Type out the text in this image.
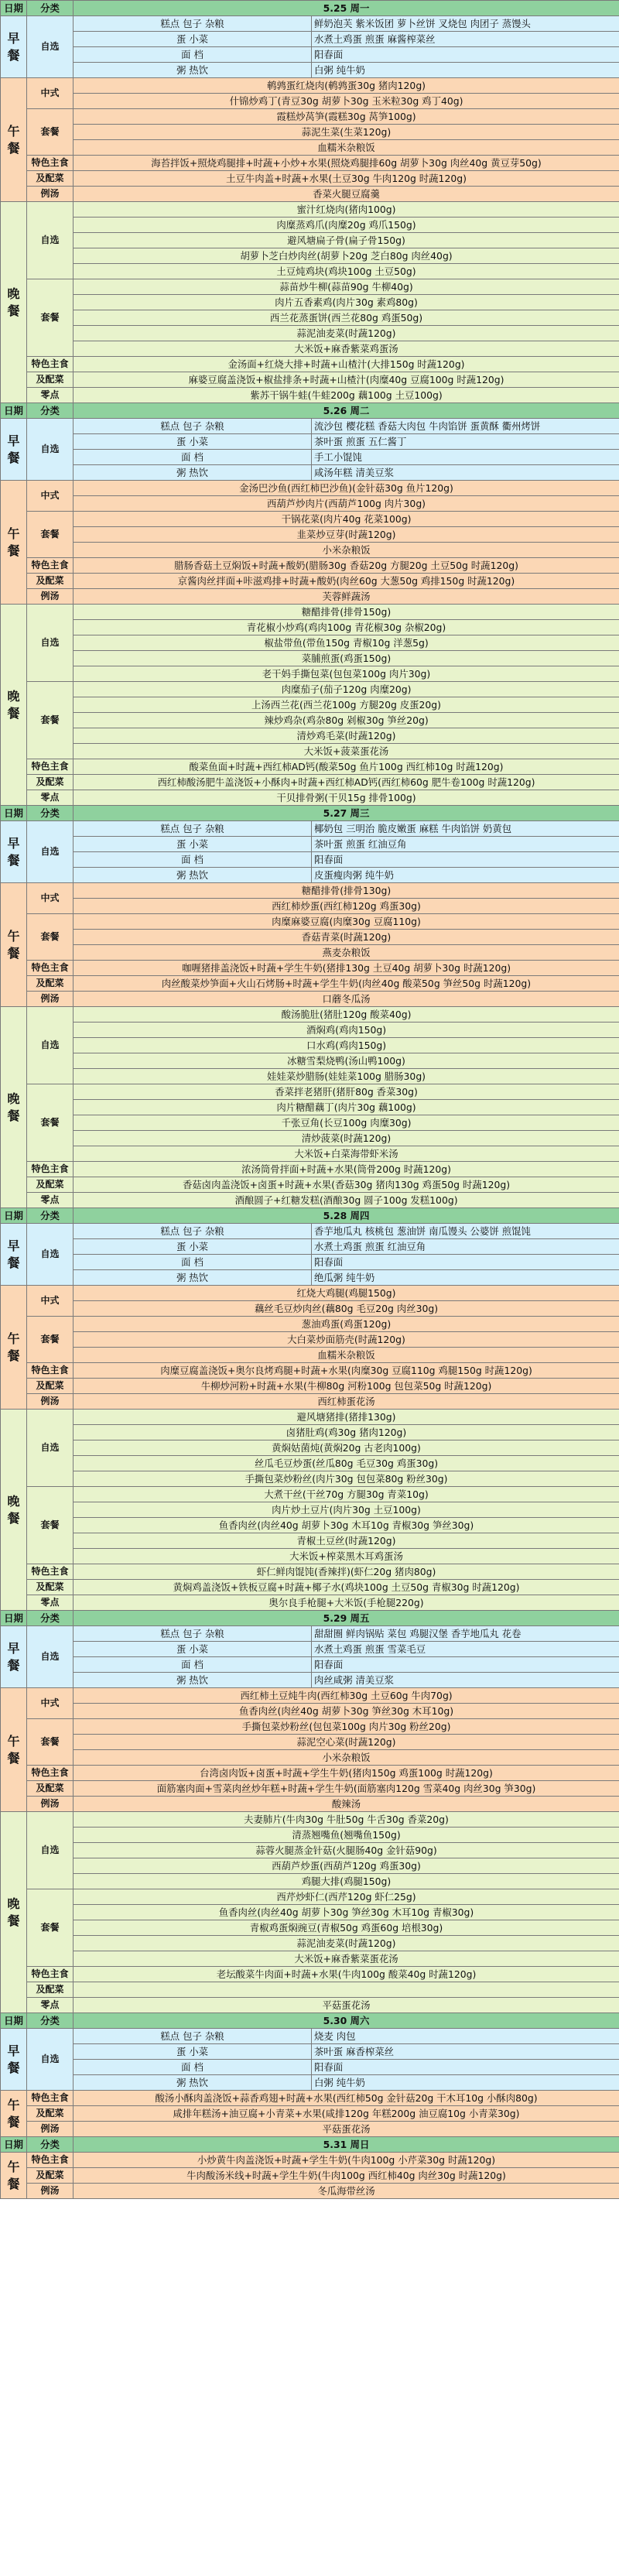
日期	分类	5.25 周一	
早餐	自选	糕点 包子 杂粮	鲜奶泡芙 紫米饭团 萝卜丝饼 叉烧包 肉团子 蒸馒头
		蛋 小菜	水煮土鸡蛋 煎蛋 麻酱榨菜丝
		面 档	阳春面
		粥 热饮	白粥 纯牛奶
午餐	中式	鹌鹑蛋红烧肉(鹌鹑蛋30g 猪肉120g)	
		什锦炒鸡丁(青豆30g 胡萝卜30g 玉米粒30g 鸡丁40g)	
	套餐	霞糕炒莴笋(霞糕30g 莴笋100g)	
		蒜泥生菜(生菜120g)	
		血糯米杂粮饭	
	特色主食	海苔拌饭+照烧鸡腿排+时蔬+小炒+水果(照烧鸡腿排60g 胡萝卜30g 肉丝40g 黄豆芽50g)	
	及配菜	土豆牛肉盖+时蔬+水果(土豆30g 牛肉120g 时蔬120g)	
	例汤	香菜火腿豆腐羹	
晚餐	自选	蜜汁红烧肉(猪肉100g)	
		肉糜蒸鸡爪(肉糜20g 鸡爪150g)	
		避风塘扁子骨(扁子骨150g)	
		胡萝卜芝白炒肉丝(胡萝卜20g 芝白80g 肉丝40g)	
		土豆炖鸡块(鸡块100g 土豆50g)	
	套餐	蒜苗炒牛柳(蒜苗90g 牛柳40g)	
		肉片五香素鸡(肉片30g 素鸡80g)	
		西兰花蒸蛋饼(西兰花80g 鸡蛋50g)	
		蒜泥油麦菜(时蔬120g)	
		大米饭+麻香紫菜鸡蛋汤	
	特色主食	金汤面+红烧大排+时蔬+山楂汁(大排150g 时蔬120g)	
	及配菜	麻婆豆腐盖浇饭+椒盐排条+时蔬+山楂汁(肉糜40g 豆腐100g 时蔬120g)	
	零点	紫苏干锅牛蛙(牛蛙200g 藕100g 土豆100g)	
日期	分类	5.26 周二	
早餐	自选	糕点 包子 杂粮	流沙包 樱花糕 香菇大肉包 牛肉馅饼 蛋黄酥 衢州烤饼
		蛋 小菜	茶叶蛋 煎蛋 五仁酱丁
		面 档	手工小馄饨
		粥 热饮	咸汤年糕 清美豆浆
午餐	中式	金汤巴沙鱼(西红柿巴沙鱼)(金针菇30g 鱼片120g)	
		西葫芦炒肉片(西葫芦100g 肉片30g)	
	套餐	干锅花菜(肉片40g 花菜100g)	
		韭菜炒豆芽(时蔬120g)	
		小米杂粮饭	
	特色主食	腊肠香菇土豆焖饭+时蔬+酸奶(腊肠30g 香菇20g 方腿20g 土豆50g 时蔬120g)	
	及配菜	京酱肉丝拌面+咔滋鸡排+时蔬+酸奶(肉丝60g 大葱50g 鸡排150g 时蔬120g)	
	例汤	芙蓉鲜蔬汤	
晚餐	自选	糖醋排骨(排骨150g)	
		青花椒小炒鸡(鸡肉100g 青花椒30g 杂椒20g)	
		椒盐带鱼(带鱼150g 青椒10g 洋葱5g)	
		菜脯煎蛋(鸡蛋150g)	
		老干妈手撕包菜(包包菜100g 肉片30g)	
	套餐	肉糜茄子(茄子120g 肉糜20g)	
		上汤西兰花(西兰花100g 方腿20g 皮蛋20g)	
		辣炒鸡杂(鸡杂80g 剁椒30g 笋丝20g)	
		清炒鸡毛菜(时蔬120g)	
		大米饭+菠菜蛋花汤	
	特色主食	酸菜鱼面+时蔬+西红柿AD钙(酸菜50g 鱼片100g 西红柿10g 时蔬120g)	
	及配菜	西红柿酸汤肥牛盖浇饭+小酥肉+时蔬+西红柿AD钙(西红柿60g 肥牛卷100g 时蔬120g)	
	零点	干贝排骨粥(干贝15g 排骨100g)	
日期	分类	5.27 周三	
早餐	自选	糕点 包子 杂粮	椰奶包 三明治 脆皮嫩蛋 麻糕 牛肉馅饼 奶黄包
		蛋 小菜	茶叶蛋 煎蛋 红油豆角
		面 档	阳春面
		粥 热饮	皮蛋瘦肉粥 纯牛奶
午餐	中式	糖醋排骨(排骨130g)	
		西红柿炒蛋(西红柿120g 鸡蛋30g)	
	套餐	肉糜麻婆豆腐(肉糜30g 豆腐110g)	
		香菇青菜(时蔬120g)	
		燕麦杂粮饭	
	特色主食	咖喱猪排盖浇饭+时蔬+学生牛奶(猪排130g 土豆40g 胡萝卜30g 时蔬120g)	
	及配菜	肉丝酸菜炒笋面+火山石烤肠+时蔬+学生牛奶(肉丝40g 酸菜50g 笋丝50g 时蔬120g)	
	例汤	口蘑冬瓜汤	
晚餐	自选	酸汤脆肚(猪肚120g 酸菜40g)	
		酒焖鸡(鸡肉150g)	
		口水鸡(鸡肉150g)	
		冰糖雪梨烧鸭(汤山鸭100g)	
		娃娃菜炒腊肠(娃娃菜100g 腊肠30g)	
	套餐	香菜拌老猪肝(猪肝80g 香菜30g)	
		肉片糖醋藕丁(肉片30g 藕100g)	
		千张豆角(长豆100g 肉糜30g)	
		清炒菠菜(时蔬120g)	
		大米饭+白菜海带虾米汤	
	特色主食	浓汤筒骨拌面+时蔬+水果(筒骨200g 时蔬120g)	
	及配菜	香菇卤肉盖浇饭+卤蛋+时蔬+水果(香菇30g 猪肉130g 鸡蛋50g 时蔬120g)	
	零点	酒酿圆子+红糖发糕(酒酿30g 圆子100g 发糕100g)	
日期	分类	5.28 周四	
早餐	自选	糕点 包子 杂粮	香芋地瓜丸 核桃包 葱油饼 南瓜馒头 公婆饼 煎馄饨
		蛋 小菜	水煮土鸡蛋 煎蛋 红油豆角
		面 档	阳春面
		粥 热饮	绝瓜粥 纯牛奶
午餐	中式	红烧大鸡腿(鸡腿150g)	
		藕丝毛豆炒肉丝(藕80g 毛豆20g 肉丝30g)	
	套餐	葱油鸡蛋(鸡蛋120g)	
		大白菜炒面筋壳(时蔬120g)	
		血糯米杂粮饭	
	特色主食	肉糜豆腐盖浇饭+奥尔良烤鸡腿+时蔬+水果(肉糜30g 豆腐110g 鸡腿150g 时蔬120g)	
	及配菜	牛柳炒河粉+时蔬+水果(牛柳80g 河粉100g 包包菜50g 时蔬120g)	
	例汤	西红柿蛋花汤	
晚餐	自选	避风塘猪排(猪排130g)	
		卤猪肚鸡(鸡30g 猪肉120g)	
		黄焖姑菌炖(黄焖20g 古老肉100g)	
		丝瓜毛豆炒蛋(丝瓜80g 毛豆30g 鸡蛋30g)	
		手撕包菜炒粉丝(肉片30g 包包菜80g 粉丝30g)	
	套餐	大煮干丝(干丝70g 方腿30g 青菜10g)	
		肉片炒土豆片(肉片30g 土豆100g)	
		鱼香肉丝(肉丝40g 胡萝卜30g 木耳10g 青椒30g 笋丝30g)	
		青椒土豆丝(时蔬120g)	
		大米饭+榨菜黑木耳鸡蛋汤	
	特色主食	虾仁鲜肉馄饨(香辣拌)(虾仁20g 猪肉80g)	
	及配菜	黄焖鸡盖浇饭+铁板豆腐+时蔬+椰子水(鸡块100g 土豆50g 青椒30g 时蔬120g)	
	零点	奥尔良手枪腿+大米饭(手枪腿220g)	
日期	分类	5.29 周五	
早餐	自选	糕点 包子 杂粮	甜甜圈 鲜肉锅贴 菜包 鸡腿汉堡 香芋地瓜丸 花卷
		蛋 小菜	水煮土鸡蛋 煎蛋 雪菜毛豆
		面 档	阳春面
		粥 热饮	肉丝咸粥 清美豆浆
午餐	中式	西红柿土豆炖牛肉(西红柿30g 土豆60g 牛肉70g)	
		鱼香肉丝(肉丝40g 胡萝卜30g 笋丝30g 木耳10g)	
	套餐	手撕包菜炒粉丝(包包菜100g 肉片30g 粉丝20g)	
		蒜泥空心菜(时蔬120g)	
		小米杂粮饭	
	特色主食	台湾卤肉饭+卤蛋+时蔬+学生牛奶(猪肉150g 鸡蛋100g 时蔬120g)	
	及配菜	面筋塞肉面+雪菜肉丝炒年糕+时蔬+学生牛奶(面筋塞肉120g 雪菜40g 肉丝30g 笋30g)	
	例汤	酸辣汤	
晚餐	自选	夫妻肺片(牛肉30g 牛肚50g 牛舌30g 香菜20g)	
		清蒸翘嘴鱼(翘嘴鱼150g)	
		蒜蓉火腿蒸金针菇(火腿肠40g 金针菇90g)	
		西葫芦炒蛋(西葫芦120g 鸡蛋30g)	
		鸡腿大排(鸡腿150g)	
	套餐	西芹炒虾仁(西芹120g 虾仁25g)	
		鱼香肉丝(肉丝40g 胡萝卜30g 笋丝30g 木耳10g 青椒30g)	
		青椒鸡蛋焖豌豆(青椒50g 鸡蛋60g 培根30g)	
		蒜泥油麦菜(时蔬120g)	
		大米饭+麻香紫菜蛋花汤	
	特色主食	老坛酸菜牛肉面+时蔬+水果(牛肉100g 酸菜40g 时蔬120g)	
	及配菜		
	零点	平菇蛋花汤	
日期	分类	5.30 周六	
早餐	自选	糕点 包子 杂粮	烧麦 肉包
		蛋 小菜	茶叶蛋 麻香榨菜丝
		面 档	阳春面
		粥 热饮	白粥 纯牛奶
午餐	特色主食	酸汤小酥肉盖浇饭+蒜香鸡翅+时蔬+水果(西红柿50g 金针菇20g 干木耳10g 小酥肉80g)	
	及配菜	咸排年糕汤+油豆腐+小青菜+水果(咸排120g 年糕200g 油豆腐10g 小青菜30g)	
	例汤	平菇蛋花汤	
日期	分类	5.31 周日	
午餐	特色主食	小炒黄牛肉盖浇饭+时蔬+学生牛奶(牛肉100g 小芹菜30g 时蔬120g)	
	及配菜	牛肉酸汤米线+时蔬+学生牛奶(牛肉100g 西红柿40g 肉丝30g 时蔬120g)	
	例汤	冬瓜海带丝汤	
